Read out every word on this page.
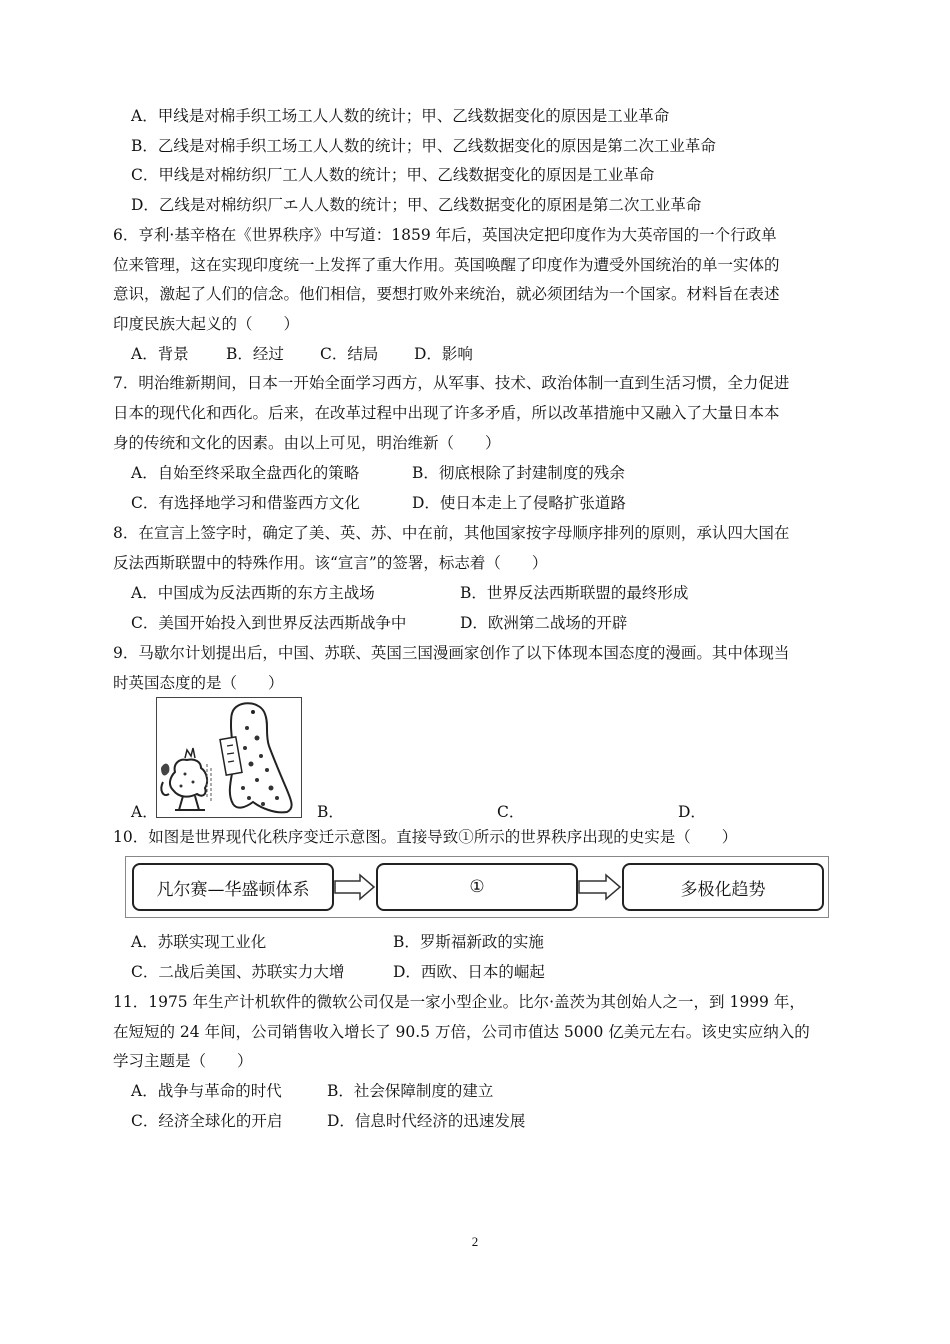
A．甲线是对棉手织工场工人人数的统计；甲、乙线数据变化的原因是工业革命
B．乙线是对棉手织工场工人人数的统计；甲、乙线数据变化的原因是第二次工业革命
C．甲线是对棉纺织厂工人人数的统计；甲、乙线数据变化的原因是工业革命
D．乙线是对棉纺织厂エ人人数的统计；甲、乙线数据变化的原困是第二次工业革命
6．亨利·基辛格在《世界秩序》中写道：1859 年后，英国决定把印度作为大英帝国的一个行政单
位来管理，这在实现印度统一上发挥了重大作用。英国唤醒了印度作为遭受外国统治的单一实体的
意识，激起了人们的信念。他们相信，要想打败外来统治，就必须团结为一个国家。材料旨在表述
印度民族大起义的（　　）
A．背景 B．经过 C．结局 D．影响
7．明治维新期间，日本一开始全面学习西方，从军事、技术、政治体制一直到生活习惯，全力促进
日本的现代化和西化。后来，在改革过程中出现了许多矛盾，所以改革措施中又融入了大量日本本
身的传统和文化的因素。由以上可见，明治维新（　　）
A．自始至终采取全盘西化的策略	B．彻底根除了封建制度的残余
C．有选择地学习和借鉴西方文化	D．使日本走上了侵略扩张道路
8．在宣言上签字时，确定了美、英、苏、中在前，其他国家按字母顺序排列的原则，承认四大国在
反法西斯联盟中的特殊作用。该“宣言”的签署，标志着（　　）
A．中国成为反法西斯的东方主战场	B．世界反法西斯联盟的最终形成
C．美国开始投入到世界反法西斯战争中	D．欧洲第二战场的开辟
9．马歇尔计划提出后，中国、苏联、英国三国漫画家创作了以下体现本国态度的漫画。其中体现当
时英国态度的是（　　）
A．	B．	C．	D．
10．如图是世界现代化秩序变迁示意图。直接导致①所示的世界秩序出现的史实是（　　）
凡尔赛—华盛顿体系	①	多极化趋势
A．苏联实现工业化	B．罗斯福新政的实施
C．二战后美国、苏联实力大增	D．西欧、日本的崛起
11．1975 年生产计机软件的微软公司仅是一家小型企业。比尔·盖茨为其创始人之一，到 1999 年，
在短短的 24 年间，公司销售收入增长了 90.5 万倍，公司市值达 5000 亿美元左右。该史实应纳入的
学习主题是（　　）
A．战争与革命的时代	B．社会保障制度的建立
C．经济全球化的开启	D．信息时代经济的迅速发展
2
